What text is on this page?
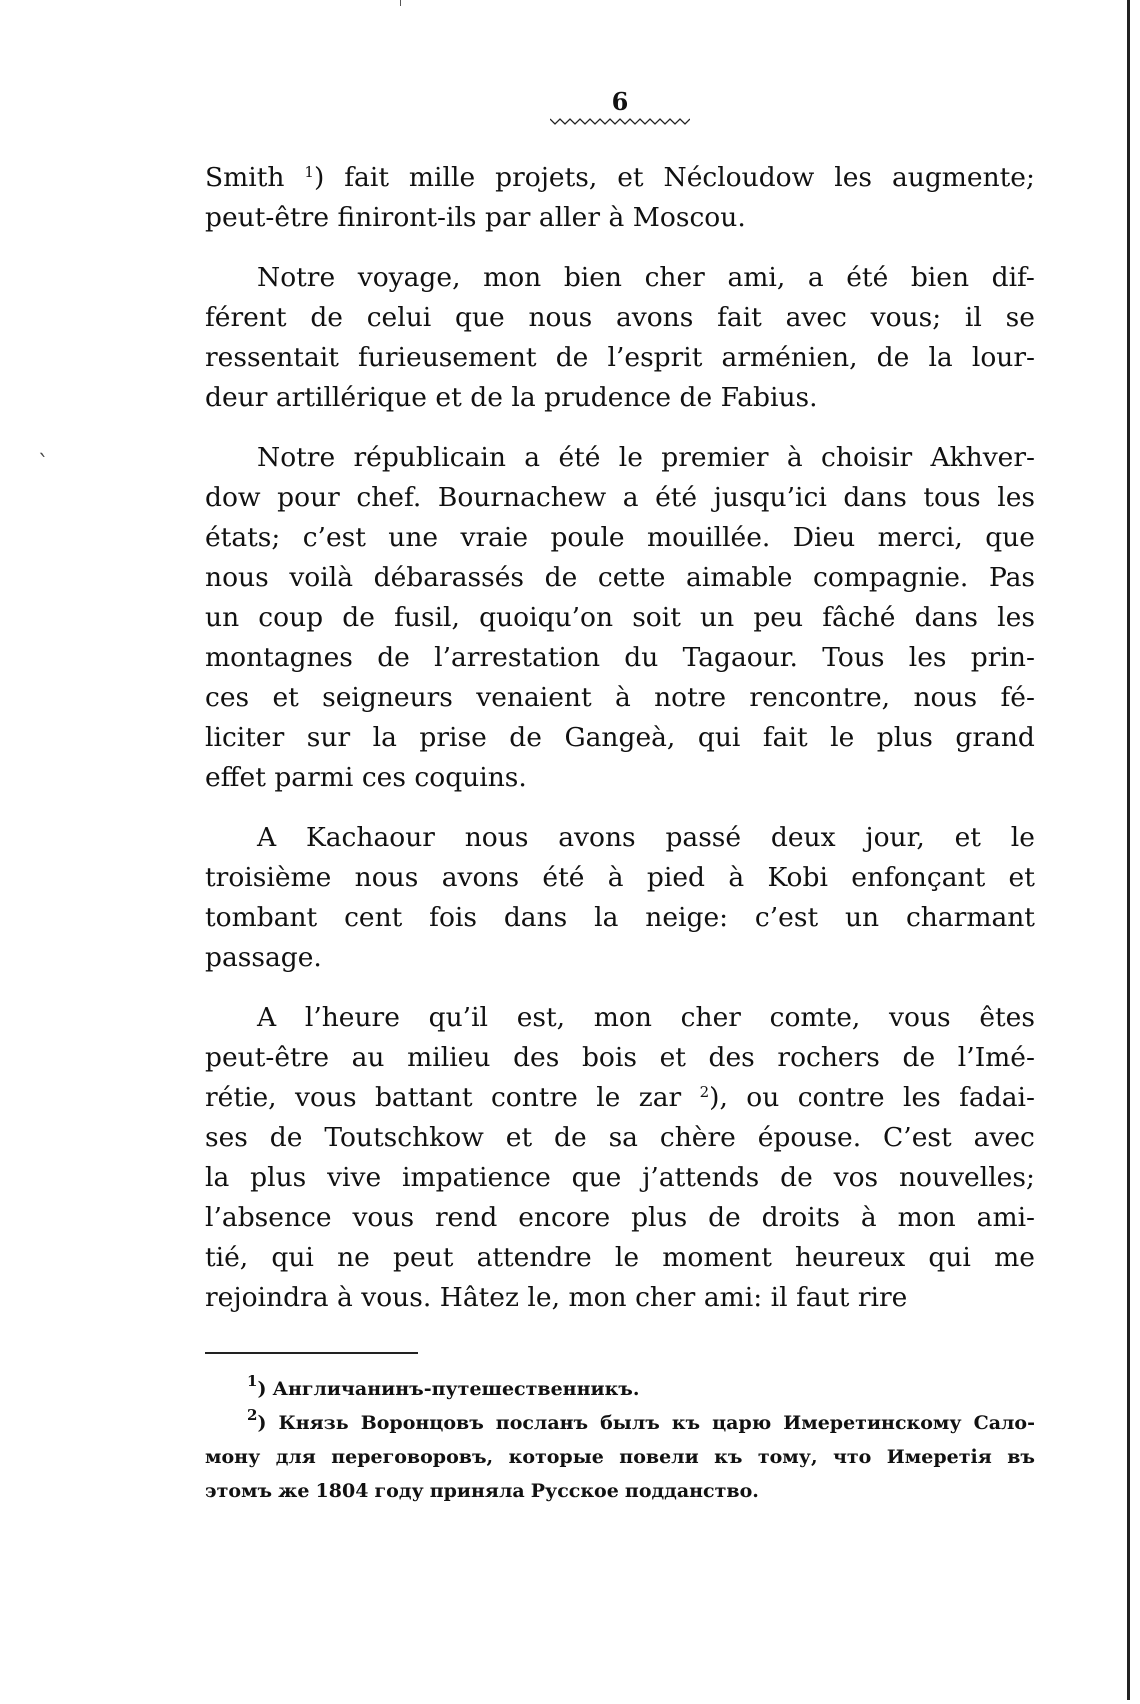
`
6
Smith $^1$) fait mille projets, et Nécloudow les augmente;
peut-être finiront-ils par aller à Moscou.
Notre voyage, mon bien cher ami, a été bien dif-
férent de celui que nous avons fait avec vous; il se
ressentait furieusement de l’esprit arménien, de la lour-
deur artillérique et de la prudence de Fabius.
Notre républicain a été le premier à choisir Akhver-
dow pour chef. Bournachew a été jusqu’ici dans tous les
états; c’est une vraie poule mouillée. Dieu merci, que
nous voilà débarassés de cette aimable compagnie. Pas
un coup de fusil, quoiqu’on soit un peu fâché dans les
montagnes de l’arrestation du Tagaour. Tous les prin-
ces et seigneurs venaient à notre rencontre, nous fé-
liciter sur la prise de Gangeà, qui fait le plus grand
effet parmi ces coquins.
A Kachaour nous avons passé deux jour, et le
troisième nous avons été à pied à Kobi enfonçant et
tombant cent fois dans la neige: c’est un charmant
passage.
A l’heure qu’il est, mon cher comte, vous êtes
peut-être au milieu des bois et des rochers de l’Imé-
rétie, vous battant contre le zar $^2$), ou contre les fadai-
ses de Toutschkow et de sa chère épouse. C’est avec
la plus vive impatience que j’attends de vos nouvelles;
l’absence vous rend encore plus de droits à mon ami-
tié, qui ne peut attendre le moment heureux qui me
rejoindra à vous. Hâtez le, mon cher ami: il faut rire
$^1$) Англичанинъ-путешественникъ.
$^2$) Князь Воронцовъ посланъ былъ къ царю Имеретинскому Сало-
мону для переговоровъ, которые повели къ тому, что Имеретія въ
этомъ же 1804 году приняла Русское подданство.
